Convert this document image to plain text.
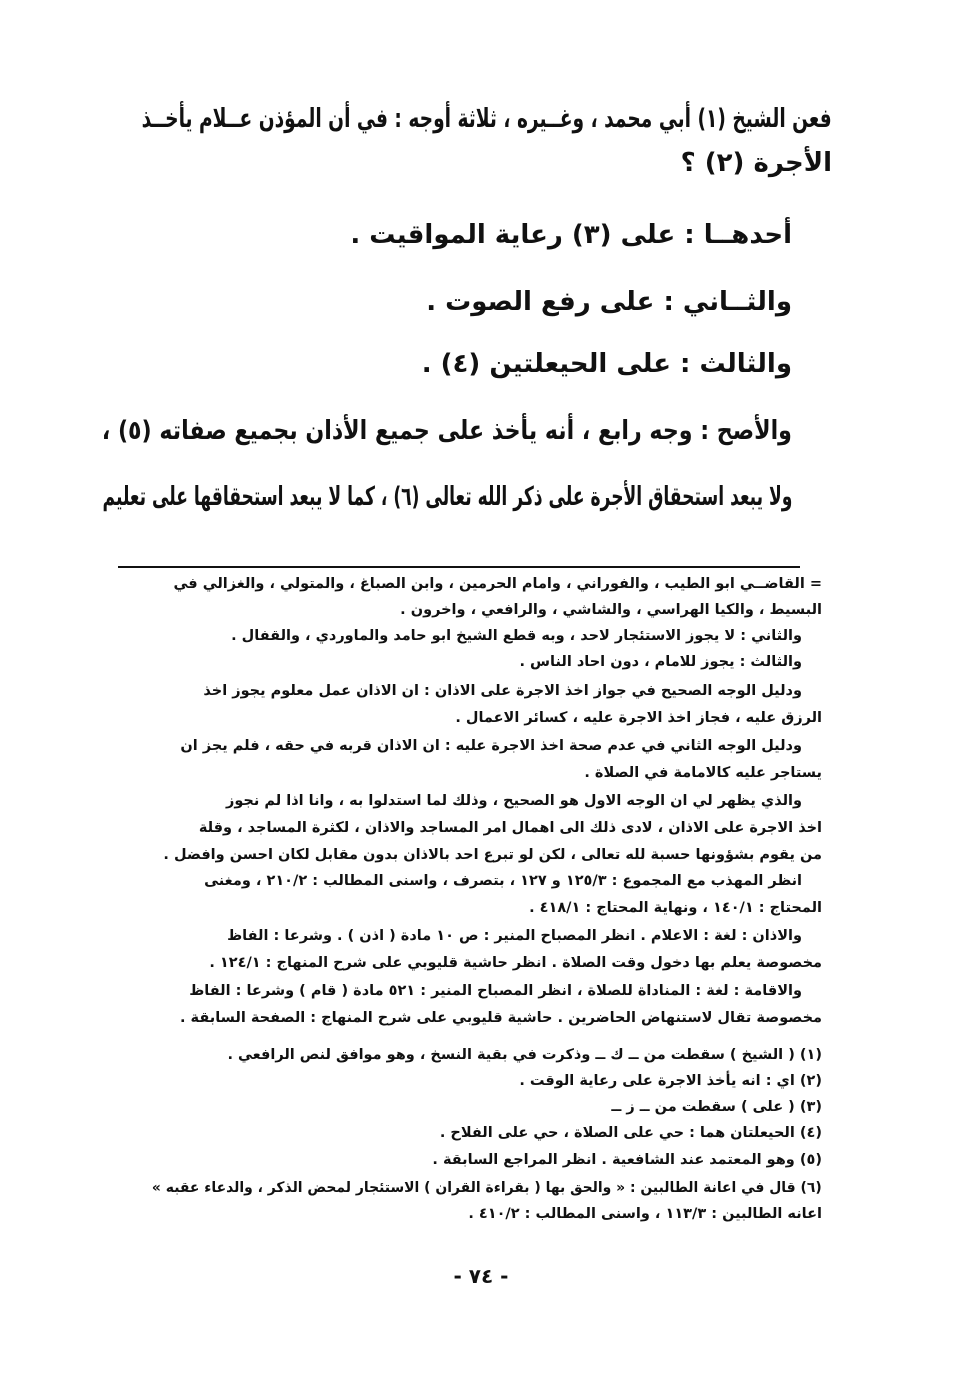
فعن الشيخ (١) أبي محمد ، وغــيره ، ثلاثة أوجه : في أن المؤذن عــلام يأخــذ
الأجرة (٢) ؟
أحدهــا : على (٣) رعاية المواقيت .
والثــاني : على رفع الصوت .
والثالث : على الحيعلتين (٤) .
والأصح : وجه رابع ، أنه يأخذ على جميع الأذان بجميع صفاته (٥) ،
ولا يبعد استحقاق الأجرة على ذكر الله تعالى (٦) ، كما لا يبعد استحقاقها على تعليم
= القاضــي ابو الطيب ، والفوراني ، وامام الحرمين ، وابن الصباغ ، والمتولي ، والغزالي في
البسيط ، والكيا الهراسي ، والشاشي ، والرافعي ، واخرون .
والثاني : لا يجوز الاستئجار لاحد ، وبه قطع الشيخ ابو حامد والماوردي ، والقفال .
والثالث : يجوز للامام ، دون احاد الناس .
ودليل الوجه الصحيح في جواز اخذ الاجرة على الاذان : ان الاذان عمل معلوم يجوز اخذ
الرزق عليه ، فجاز اخذ الاجرة عليه ، كسائر الاعمال .
ودليل الوجه الثاني في عدم صحة اخذ الاجرة عليه : ان الاذان قربه في حقه ، فلم يجز ان
يستاجر عليه كالامامة في الصلاة .
والذي يظهر لي ان الوجه الاول هو الصحيح ، وذلك لما استدلوا به ، وانا اذا لم نجوز
اخذ الاجرة على الاذان ، لادى ذلك الى اهمال امر المساجد والاذان ، لكثرة المساجد ، وقلة
من يقوم بشؤونها حسبة لله تعالى ، لكن لو تبرع احد بالاذان بدون مقابل لكان احسن وافضل .
انظر المهذب مع المجموع : ١٢٥/٣ و ١٢٧ ، بتصرف ، واسنى المطالب : ٢١٠/٢ ، ومغنى
المحتاج : ١٤٠/١ ، ونهاية المحتاج : ٤١٨/١ .
والاذان : لغة : الاعلام . انظر المصباح المنير : ص ١٠ مادة ( اذن ) . وشرعا : الفاظ
مخصوصة يعلم بها دخول وقت الصلاة . انظر حاشية قليوبي على شرح المنهاج : ١٢٤/١ .
والاقامة : لغة : المناداة للصلاة ، انظر المصباح المنير : ٥٢١ مادة ( قام ) وشرعا : الفاظ
مخصوصة تقال لاستنهاض الحاضرين . حاشية قليوبي على شرح المنهاج : الصفحة السابقة .
(١) ( الشيخ ) سقطت من ــ ك ــ وذكرت في بقية النسخ ، وهو موافق لنص الرافعي .
(٢) اي : انه يأخذ الاجرة على رعاية الوقت .
(٣) ( على ) سقطت من ــ ز ــ
(٤) الحيعلتان هما : حي على الصلاة ، حي على الفلاح .
(٥) وهو المعتمد عند الشافعية . انظر المراجع السابقة .
(٦) قال في اعانة الطالبين : « والحق بها ( بقراءة القران ) الاستئجار لمحض الذكر ، والدعاء عقبه »
اعانه الطالبين : ١١٣/٣ ، واسنى المطالب : ٤١٠/٢ .
- ٧٤ -
